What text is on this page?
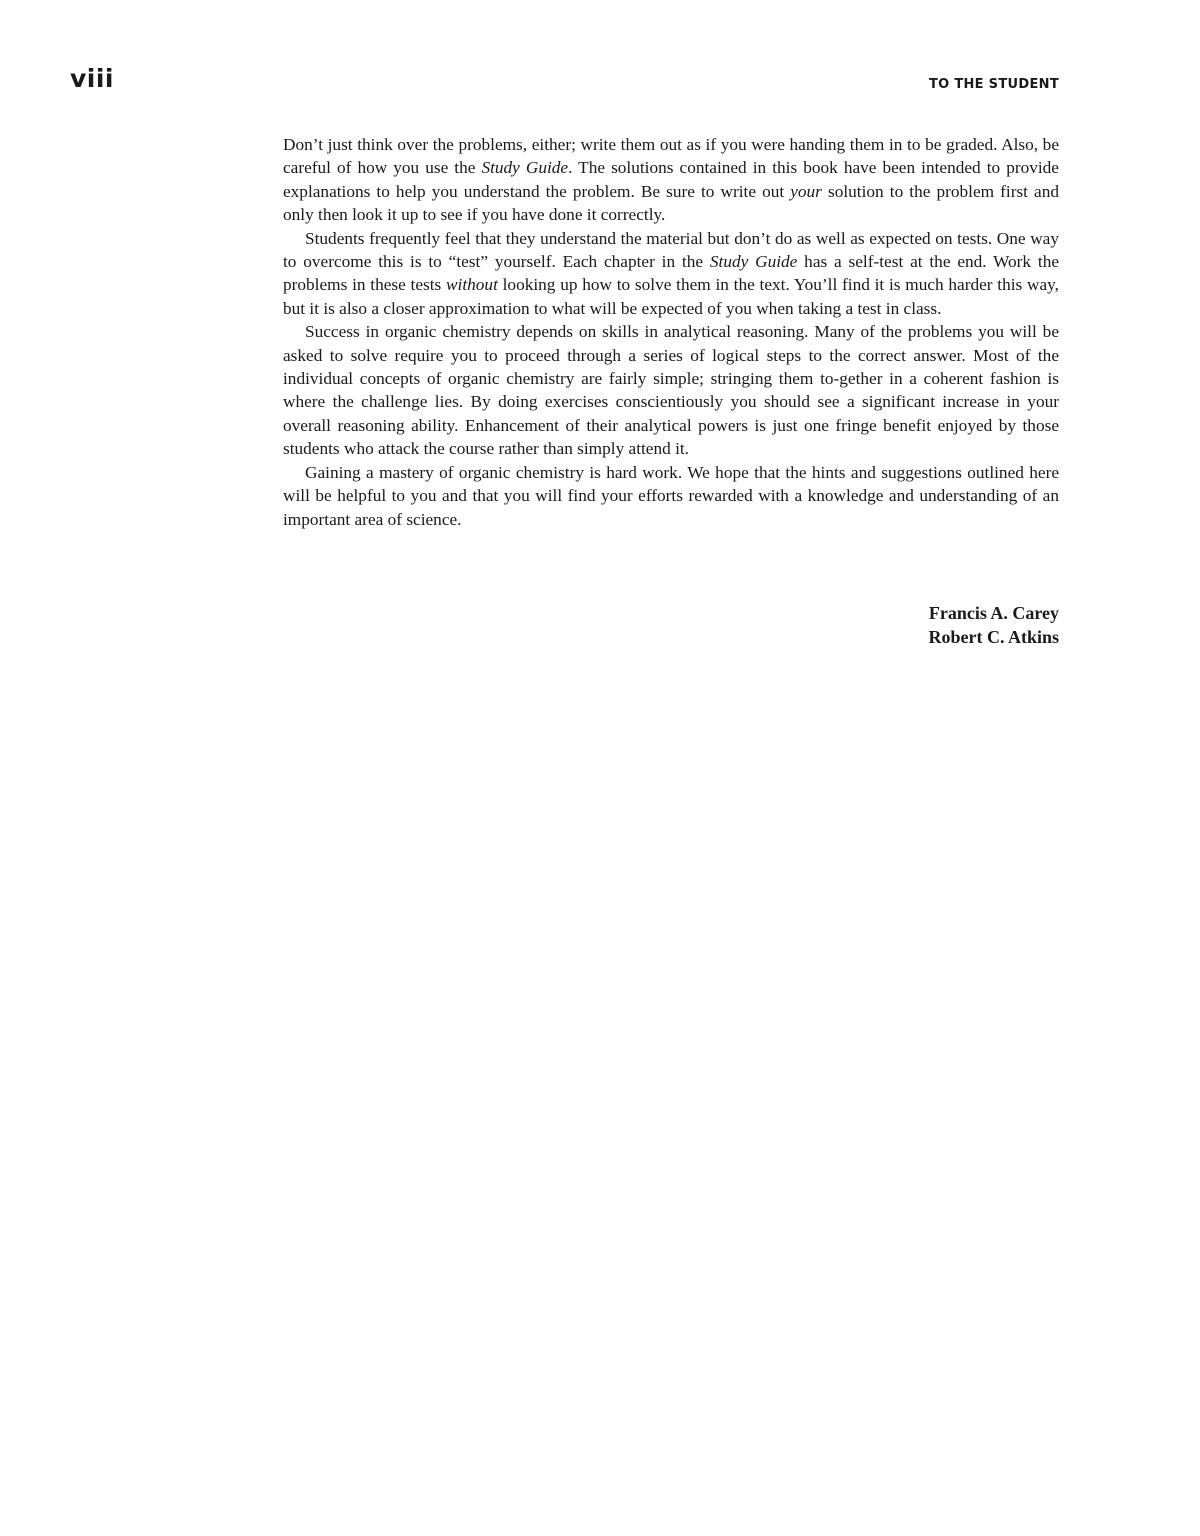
viii	TO THE STUDENT

Don’t just think over the problems, either; write them out as if you were handing them in to be graded. Also, be careful of how you use the Study Guide. The solutions contained in this book have been intended to provide explanations to help you understand the problem. Be sure to write out your solution to the problem first and only then look it up to see if you have done it correctly.

Students frequently feel that they understand the material but don’t do as well as expected on tests. One way to overcome this is to “test” yourself. Each chapter in the Study Guide has a self-test at the end. Work the problems in these tests without looking up how to solve them in the text. You’ll find it is much harder this way, but it is also a closer approximation to what will be expected of you when taking a test in class.

Success in organic chemistry depends on skills in analytical reasoning. Many of the problems you will be asked to solve require you to proceed through a series of logical steps to the correct answer. Most of the individual concepts of organic chemistry are fairly simple; stringing them to-gether in a coherent fashion is where the challenge lies. By doing exercises conscientiously you should see a significant increase in your overall reasoning ability. Enhancement of their analytical powers is just one fringe benefit enjoyed by those students who attack the course rather than simply attend it.

Gaining a mastery of organic chemistry is hard work. We hope that the hints and suggestions outlined here will be helpful to you and that you will find your efforts rewarded with a knowledge and understanding of an important area of science.

Francis A. Carey
Robert C. Atkins
